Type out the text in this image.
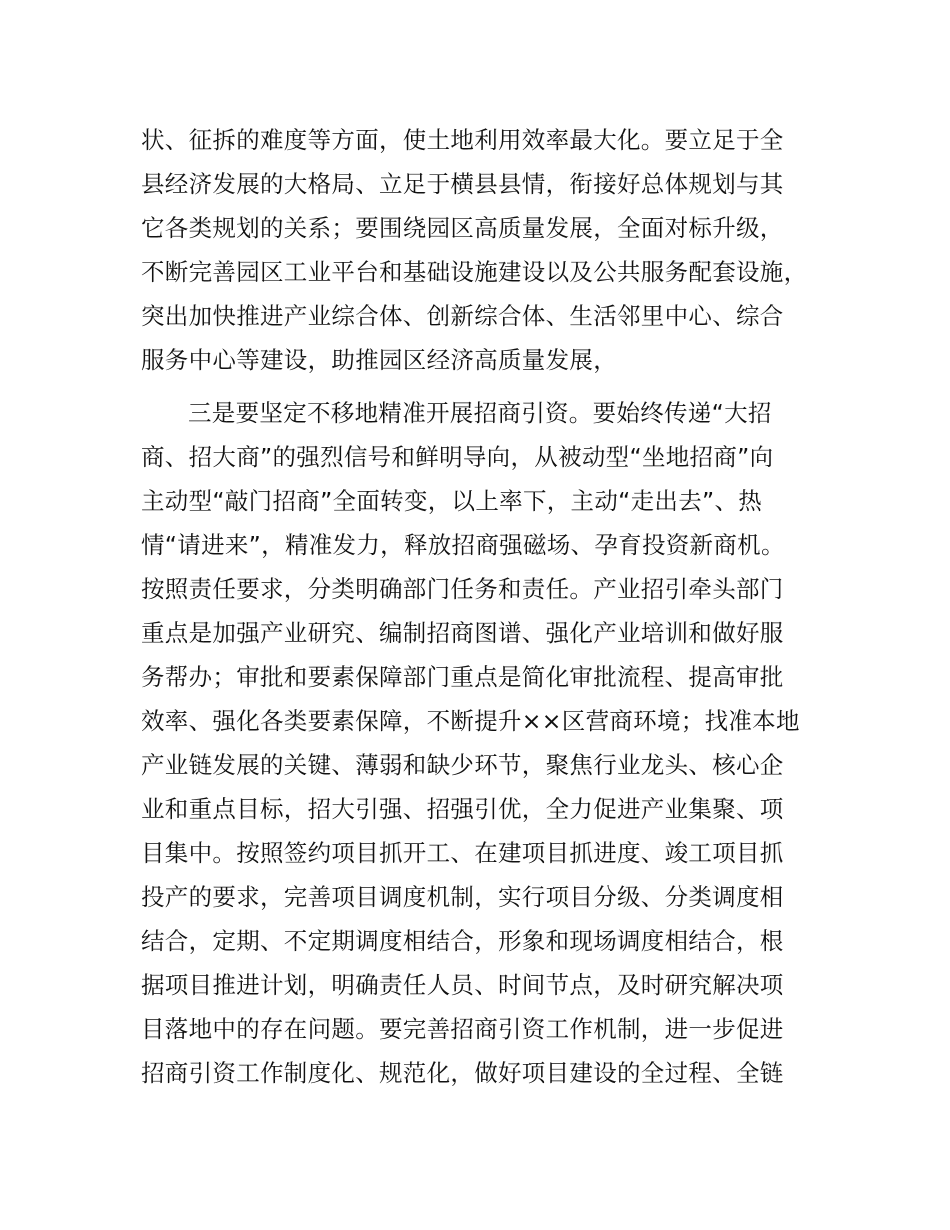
状、征拆的难度等方面，使土地利用效率最大化。要立足于全
县经济发展的大格局、立足于横县县情，衔接好总体规划与其
它各类规划的关系；要围绕园区高质量发展，全面对标升级，
不断完善园区工业平台和基础设施建设以及公共服务配套设施，
突出加快推进产业综合体、创新综合体、生活邻里中心、综合
服务中心等建设，助推园区经济高质量发展，
三是要坚定不移地精准开展招商引资。要始终传递“大招
商、招大商”的强烈信号和鲜明导向，从被动型“坐地招商”向
主动型“敲门招商”全面转变，以上率下，主动“走出去”、热
情“请进来”，精准发力，释放招商强磁场、孕育投资新商机。
按照责任要求，分类明确部门任务和责任。产业招引牵头部门
重点是加强产业研究、编制招商图谱、强化产业培训和做好服
务帮办；审批和要素保障部门重点是简化审批流程、提高审批
效率、强化各类要素保障，不断提升××区营商环境；找准本地
产业链发展的关键、薄弱和缺少环节，聚焦行业龙头、核心企
业和重点目标，招大引强、招强引优，全力促进产业集聚、项
目集中。按照签约项目抓开工、在建项目抓进度、竣工项目抓
投产的要求，完善项目调度机制，实行项目分级、分类调度相
结合，定期、不定期调度相结合，形象和现场调度相结合，根
据项目推进计划，明确责任人员、时间节点，及时研究解决项
目落地中的存在问题。要完善招商引资工作机制，进一步促进
招商引资工作制度化、规范化，做好项目建设的全过程、全链
